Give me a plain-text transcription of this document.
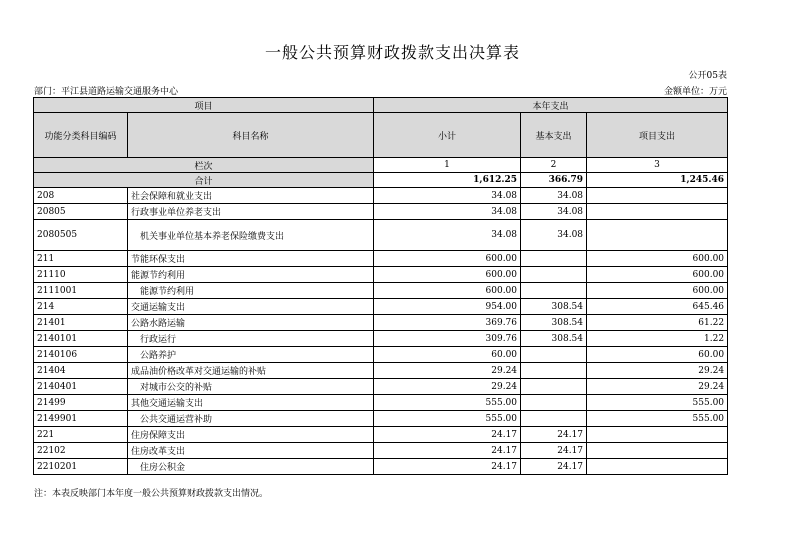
一般公共预算财政拨款支出决算表
公开05表
部门：平江县道路运输交通服务中心	金额单位：万元
项目		本年支出		
功能分类科目编码	科目名称	小计	基本支出	项目支出
栏次		1	2	3
合计		1,612.25	366.79	1,245.46
208	社会保障和就业支出	34.08	34.08	
20805	行政事业单位养老支出	34.08	34.08	
2080505	机关事业单位基本养老保险缴费支出	34.08	34.08	
211	节能环保支出	600.00		600.00
21110	能源节约利用	600.00		600.00
2111001	能源节约利用	600.00		600.00
214	交通运输支出	954.00	308.54	645.46
21401	公路水路运输	369.76	308.54	61.22
2140101	行政运行	309.76	308.54	1.22
2140106	公路养护	60.00		60.00
21404	成品油价格改革对交通运输的补贴	29.24		29.24
2140401	对城市公交的补贴	29.24		29.24
21499	其他交通运输支出	555.00		555.00
2149901	公共交通运营补助	555.00		555.00
221	住房保障支出	24.17	24.17	
22102	住房改革支出	24.17	24.17	
2210201	住房公积金	24.17	24.17	
注：本表反映部门本年度一般公共预算财政拨款支出情况。
